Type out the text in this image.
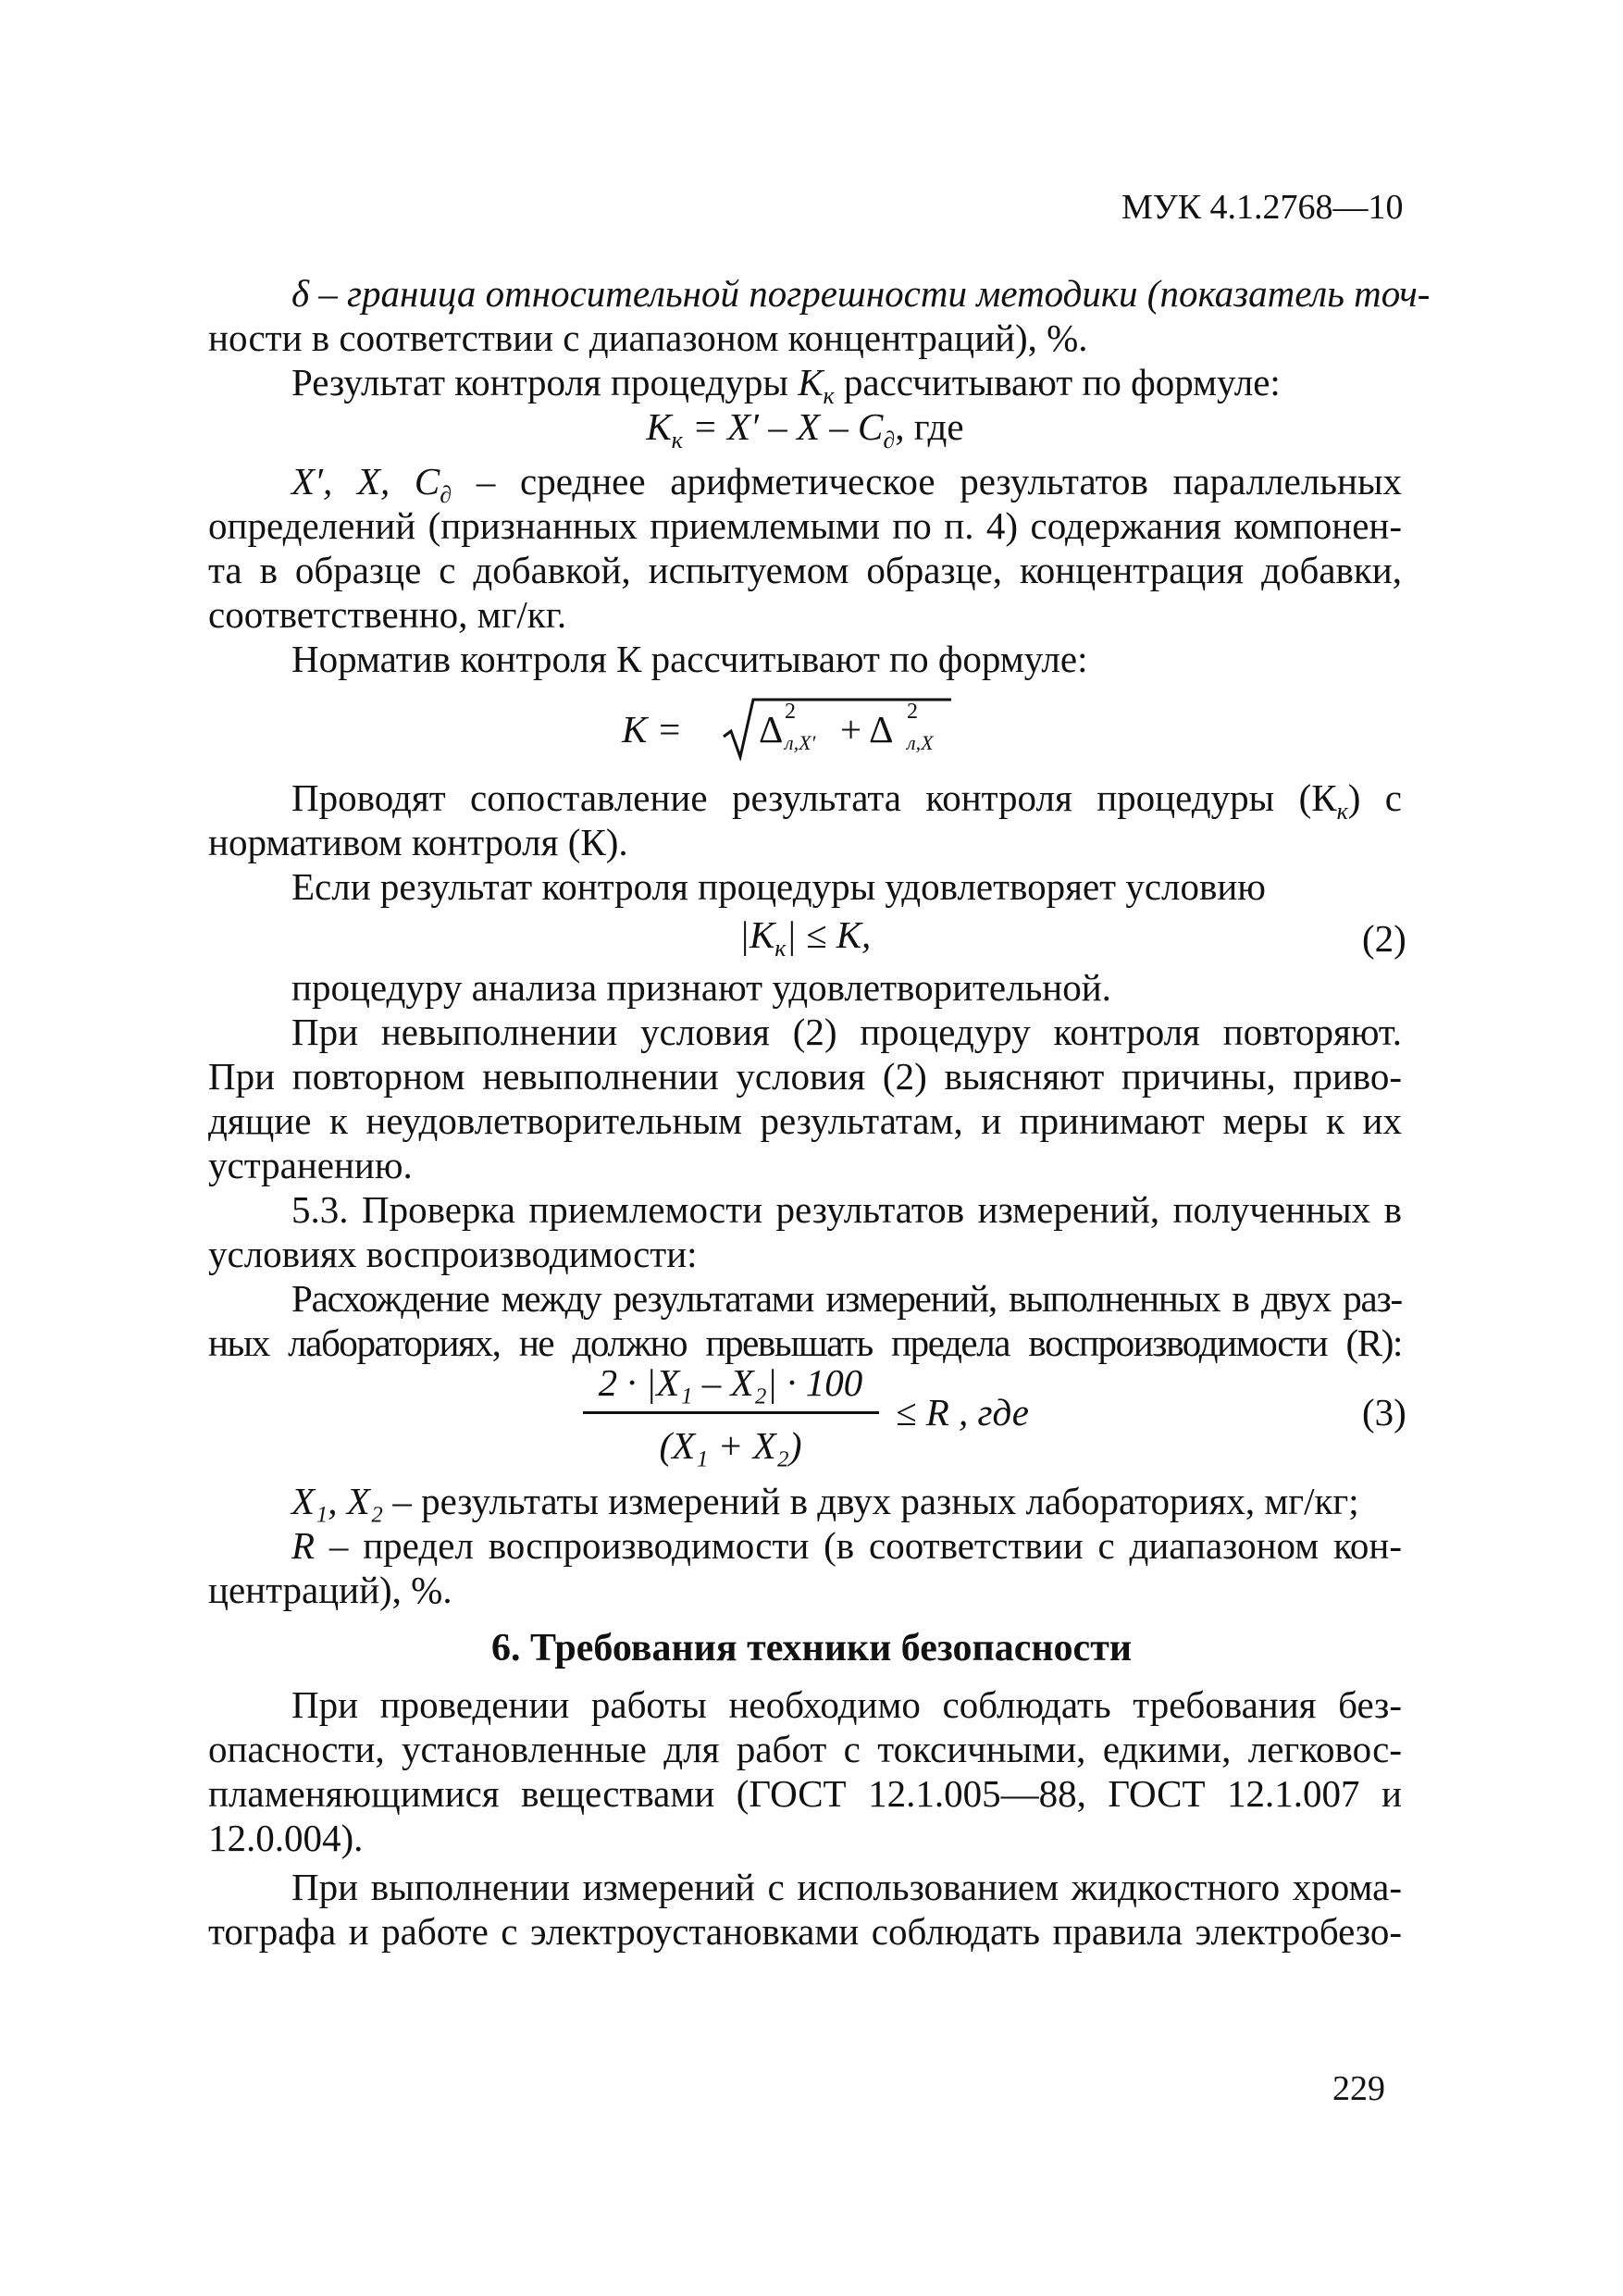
МУК 4.1.2768—10
δ – граница относительной погрешности методики (показатель точ-
ности в соответствии с диапазоном концентраций), %.
Результат контроля процедуры $К_к$ рассчитывают по формуле:
$К_к = X' - X - C_\partial$, где
X′, X, $C_\partial$ – среднее арифметическое результатов параллельных
определений (признанных приемлемыми по п. 4) содержания компонен-
та в образце с добавкой, испытуемом образце, концентрация добавки,
соответственно, мг/кг.
Норматив контроля К рассчитывают по формуле:
К = Δ 2
л,Х′ + Δ 2
л,Х
Проводят сопоставление результата контроля процедуры $(К_к)$ с
нормативом контроля (К).
Если результат контроля процедуры удовлетворяет условию
$|К_к| \le К$,	(2)
процедуру анализа признают удовлетворительной.
При невыполнении условия (2) процедуру контроля повторяют.
При повторном невыполнении условия (2) выясняют причины, приво-
дящие к неудовлетворительным результатам, и принимают меры к их
устранению.
5.3. Проверка приемлемости результатов измерений, полученных в
условиях воспроизводимости:
Расхождение между результатами измерений, выполненных в двух раз-
ных лабораториях, не должно превышать предела воспроизводимости (R):
2 · |X₁ – X₂| · 100
(X₁ + X₂)
≤ R , где	(3)
X₁, X₂ – результаты измерений в двух разных лабораториях, мг/кг;
R – предел воспроизводимости (в соответствии с диапазоном кон-
центраций), %.
6. Требования техники безопасности
При проведении работы необходимо соблюдать требования без-
опасности, установленные для работ с токсичными, едкими, легковос-
пламеняющимися веществами (ГОСТ 12.1.005—88, ГОСТ 12.1.007 и
12.0.004).
При выполнении измерений с использованием жидкостного хрома-
тографа и работе с электроустановками соблюдать правила электробезо-
229
